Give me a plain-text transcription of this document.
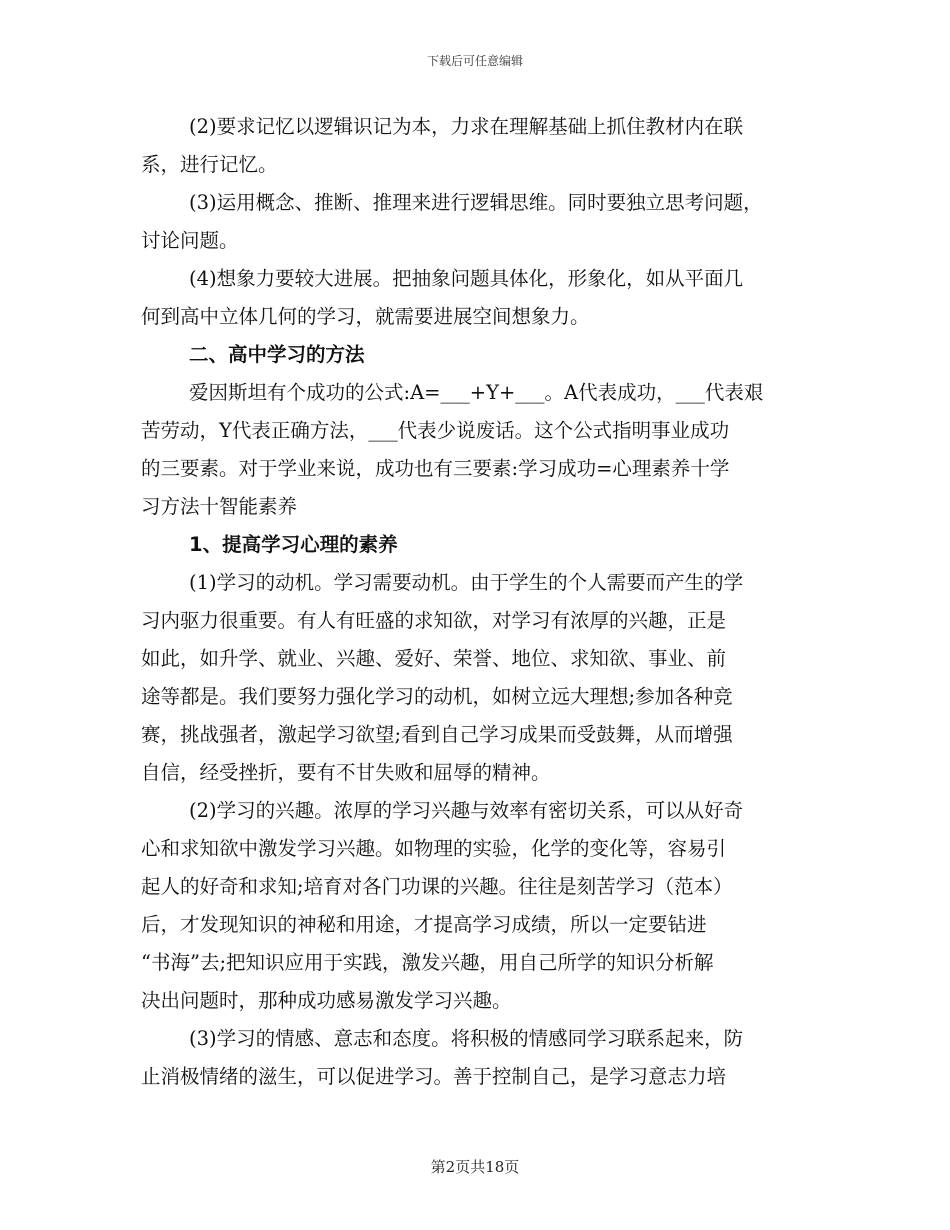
下载后可任意编辑
(2)要求记忆以逻辑识记为本，力求在理解基础上抓住教材内在联
系，进行记忆。
(3)运用概念、推断、推理来进行逻辑思维。同时要独立思考问题，
讨论问题。
(4)想象力要较大进展。把抽象问题具体化，形象化，如从平面几
何到高中立体几何的学习，就需要进展空间想象力。
二、高中学习的方法
爱因斯坦有个成功的公式:A=___+Y+___。A代表成功，___代表艰
苦劳动，Y代表正确方法，___代表少说废话。这个公式指明事业成功
的三要素。对于学业来说，成功也有三要素:学习成功=心理素养十学
习方法十智能素养
1、提高学习心理的素养
(1)学习的动机。学习需要动机。由于学生的个人需要而产生的学
习内驱力很重要。有人有旺盛的求知欲，对学习有浓厚的兴趣，正是
如此，如升学、就业、兴趣、爱好、荣誉、地位、求知欲、事业、前
途等都是。我们要努力强化学习的动机，如树立远大理想;参加各种竞
赛，挑战强者，激起学习欲望;看到自己学习成果而受鼓舞，从而增强
自信，经受挫折，要有不甘失败和屈辱的精神。
(2)学习的兴趣。浓厚的学习兴趣与效率有密切关系，可以从好奇
心和求知欲中激发学习兴趣。如物理的实验，化学的变化等，容易引
起人的好奇和求知;培育对各门功课的兴趣。往往是刻苦学习（范本）
后，才发现知识的神秘和用途，才提高学习成绩，所以一定要钻进
“书海”去;把知识应用于实践，激发兴趣，用自己所学的知识分析解
决出问题时，那种成功感易激发学习兴趣。
(3)学习的情感、意志和态度。将积极的情感同学习联系起来，防
止消极情绪的滋生，可以促进学习。善于控制自己，是学习意志力培
第2页共18页
